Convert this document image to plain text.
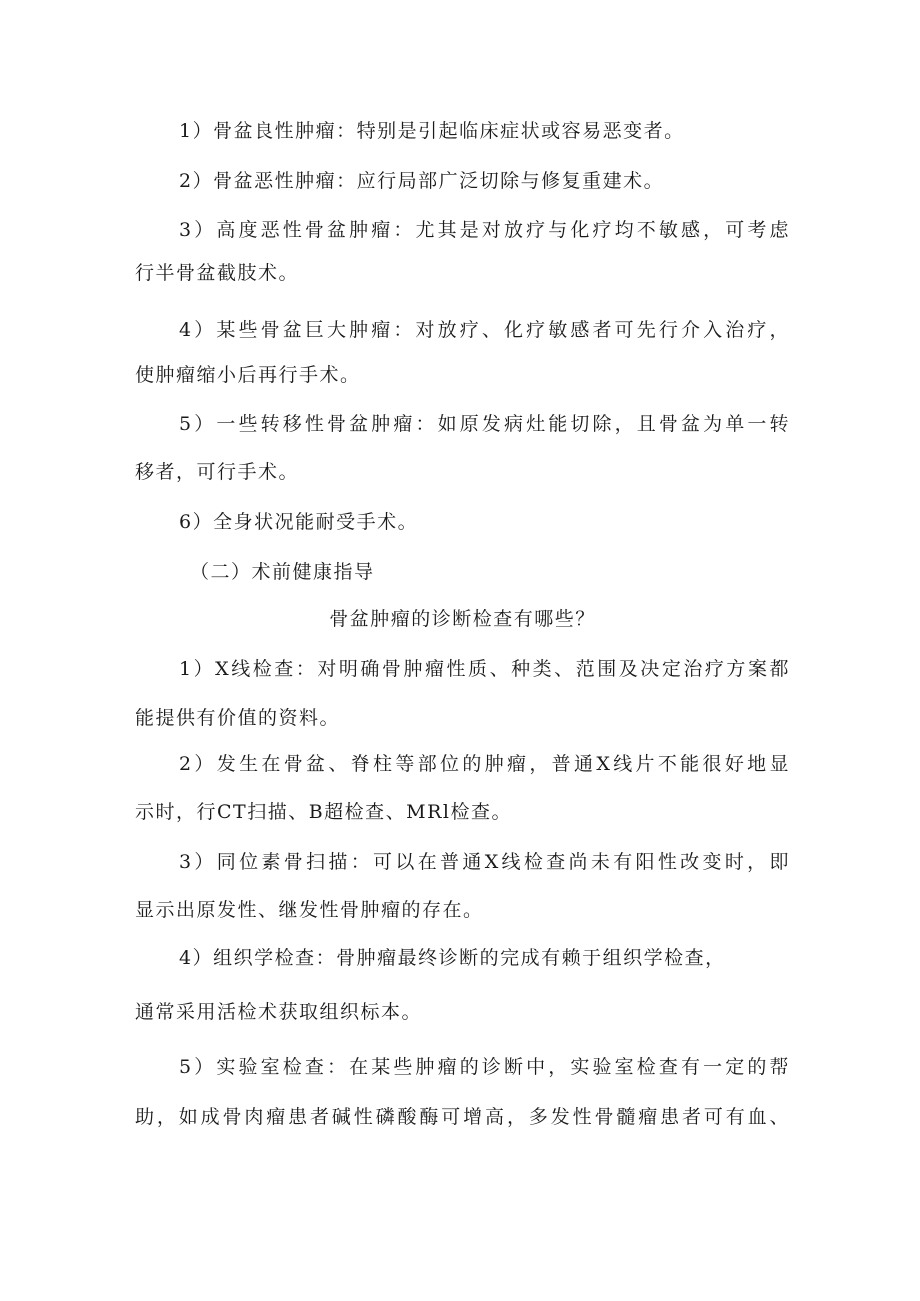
1）骨盆良性肿瘤：特别是引起临床症状或容易恶变者。
2）骨盆恶性肿瘤：应行局部广泛切除与修复重建术。
3）高度恶性骨盆肿瘤：尤其是对放疗与化疗均不敏感，可考虑
行半骨盆截肢术。
4）某些骨盆巨大肿瘤：对放疗、化疗敏感者可先行介入治疗，
使肿瘤缩小后再行手术。
5）一些转移性骨盆肿瘤：如原发病灶能切除，且骨盆为单一转
移者，可行手术。
6）全身状况能耐受手术。
（二）术前健康指导
骨盆肿瘤的诊断检查有哪些？
1）X线检查：对明确骨肿瘤性质、种类、范围及决定治疗方案都
能提供有价值的资料。
2）发生在骨盆、脊柱等部位的肿瘤，普通X线片不能很好地显
示时，行CT扫描、B超检查、MRl检查。
3）同位素骨扫描：可以在普通X线检查尚未有阳性改变时，即
显示出原发性、继发性骨肿瘤的存在。
4）组织学检查：骨肿瘤最终诊断的完成有赖于组织学检查，
通常采用活检术获取组织标本。
5）实验室检查：在某些肿瘤的诊断中，实验室检查有一定的帮
助，如成骨肉瘤患者碱性磷酸酶可增高，多发性骨髓瘤患者可有血、
